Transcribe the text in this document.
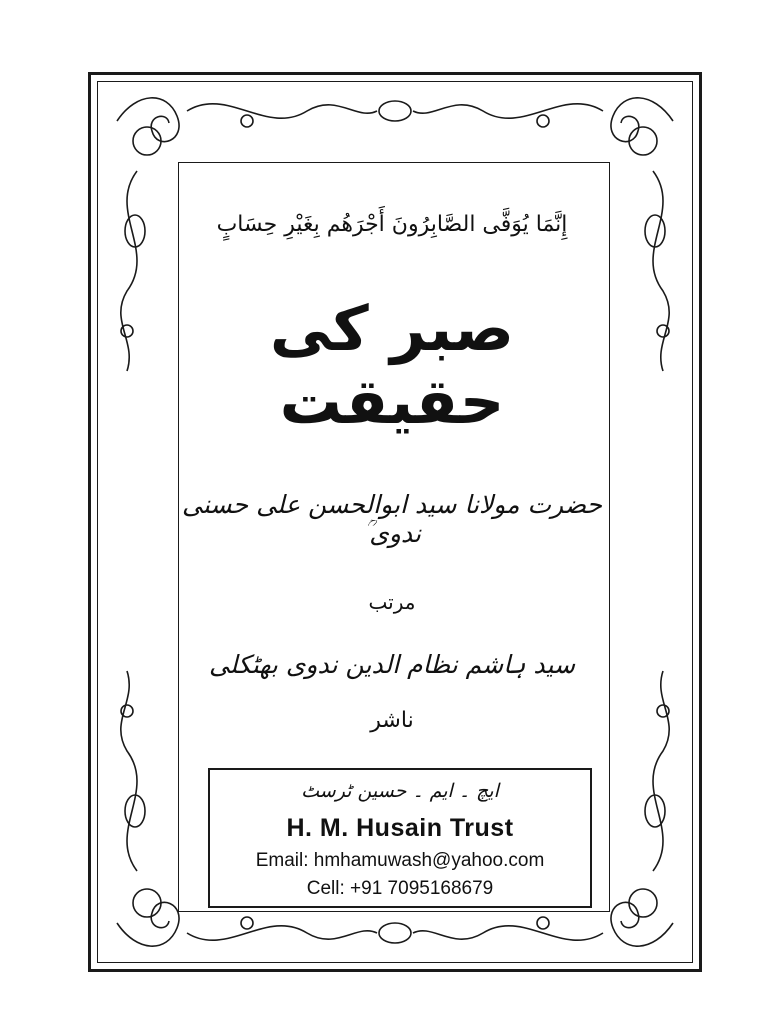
إِنَّمَا يُوَفَّى الصَّابِرُونَ أَجْرَهُم بِغَيْرِ حِسَابٍ
صبر کی حقیقت
حضرت مولانا سید ابوالحسن علی حسنی ندوی ؒ
مرتب
سید ہاشم نظام الدین ندوی بھٹکلی
ناشر
ایچ ۔ ایم ۔ حسین ٹرسٹ
H. M. Husain Trust
Email: hmhamuwash@yahoo.com
Cell: +91 7095168679
